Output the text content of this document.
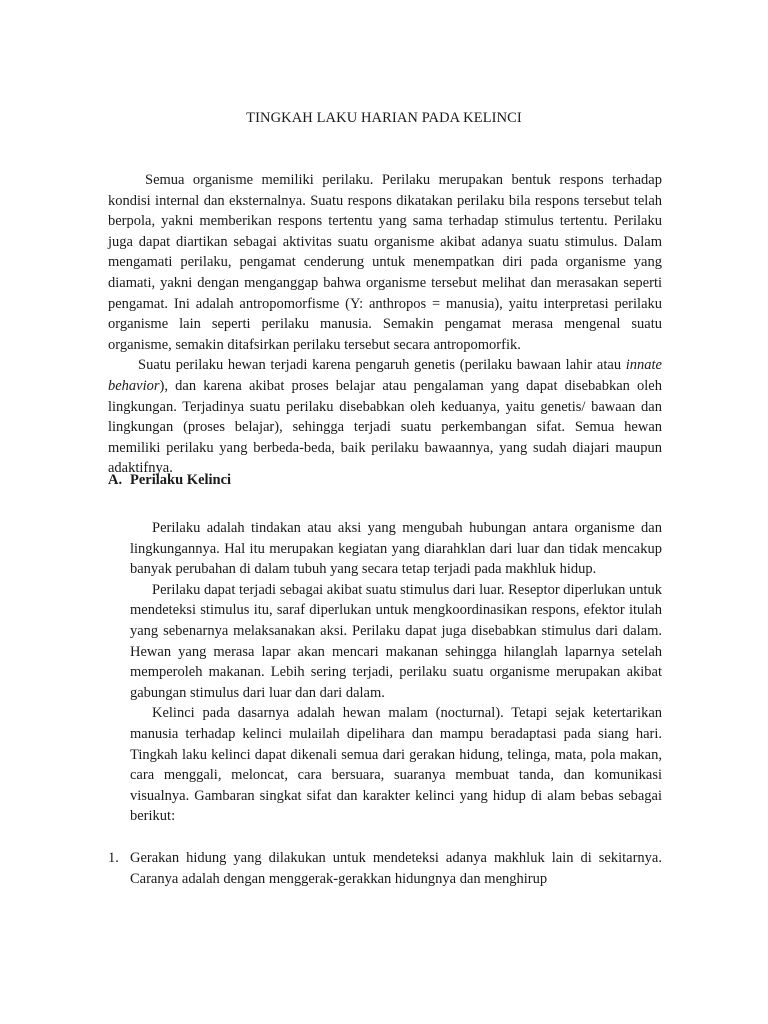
TINGKAH LAKU HARIAN PADA KELINCI

Semua organisme memiliki perilaku. Perilaku merupakan bentuk respons terhadap kondisi internal dan eksternalnya. Suatu respons dikatakan perilaku bila respons tersebut telah berpola, yakni memberikan respons tertentu yang sama terhadap stimulus tertentu. Perilaku juga dapat diartikan sebagai aktivitas suatu organisme akibat adanya suatu stimulus. Dalam mengamati perilaku, pengamat cenderung untuk menempatkan diri pada organisme yang diamati, yakni dengan menganggap bahwa organisme tersebut melihat dan merasakan seperti pengamat. Ini adalah antropomorfisme (Y: anthropos = manusia), yaitu interpretasi perilaku organisme lain seperti perilaku manusia. Semakin pengamat merasa mengenal suatu organisme, semakin ditafsirkan perilaku tersebut secara antropomorfik.

Suatu perilaku hewan terjadi karena pengaruh genetis (perilaku bawaan lahir atau innate behavior), dan karena akibat proses belajar atau pengalaman yang dapat disebabkan oleh lingkungan. Terjadinya suatu perilaku disebabkan oleh keduanya, yaitu genetis/ bawaan dan lingkungan (proses belajar), sehingga terjadi suatu perkembangan sifat. Semua hewan memiliki perilaku yang berbeda-beda, baik perilaku bawaannya, yang sudah diajari maupun adaktifnya.

A. Perilaku Kelinci

Perilaku adalah tindakan atau aksi yang mengubah hubungan antara organisme dan lingkungannya. Hal itu merupakan kegiatan yang diarahklan dari luar dan tidak mencakup banyak perubahan di dalam tubuh yang secara tetap terjadi pada makhluk hidup.

Perilaku dapat terjadi sebagai akibat suatu stimulus dari luar. Reseptor diperlukan untuk mendeteksi stimulus itu, saraf diperlukan untuk mengkoordinasikan respons, efektor itulah yang sebenarnya melaksanakan aksi. Perilaku dapat juga disebabkan stimulus dari dalam. Hewan yang merasa lapar akan mencari makanan sehingga hilanglah laparnya setelah memperoleh makanan. Lebih sering terjadi, perilaku suatu organisme merupakan akibat gabungan stimulus dari luar dan dari dalam.

Kelinci pada dasarnya adalah hewan malam (nocturnal). Tetapi sejak ketertarikan manusia terhadap kelinci mulailah dipelihara dan mampu beradaptasi pada siang hari. Tingkah laku kelinci dapat dikenali semua dari gerakan hidung, telinga, mata, pola makan, cara menggali, meloncat, cara bersuara, suaranya membuat tanda, dan komunikasi visualnya. Gambaran singkat sifat dan karakter kelinci yang hidup di alam bebas sebagai berikut:

1. Gerakan hidung yang dilakukan untuk mendeteksi adanya makhluk lain di sekitarnya. Caranya adalah dengan menggerak-gerakkan hidungnya dan menghirup
